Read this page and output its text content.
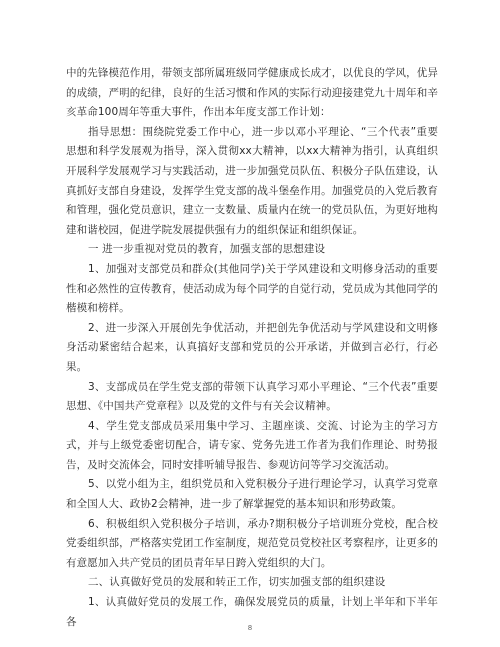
中的先锋模范作用，带领支部所属班级同学健康成长成才，以优良的学风，优异的成绩，严明的纪律，良好的生活习惯和作风的实际行动迎接建党九十周年和辛亥革命100周年等重大事件，作出本年度支部工作计划：

指导思想：围绕院党委工作中心，进一步以邓小平理论、“三个代表”重要思想和科学发展观为指导，深入贯彻xx大精神，以xx大精神为指引，认真组织开展科学发展观学习与实践活动，进一步加强党员队伍、积极分子队伍建设，认真抓好支部自身建设，发挥学生党支部的战斗堡垒作用。加强党员的入党后教育和管理，强化党员意识，建立一支数量、质量内在统一的党员队伍，为更好地构建和谐校园，促进学院发展提供强有力的组织保证和组织保证。

一 进一步重视对党员的教育，加强支部的思想建设

1、加强对支部党员和群众(其他同学)关于学风建设和文明修身活动的重要性和必然性的宣传教育，使活动成为每个同学的自觉行动，党员成为其他同学的楷模和榜样。

2、进一步深入开展创先争优活动，并把创先争优活动与学风建设和文明修身活动紧密结合起来，认真搞好支部和党员的公开承诺，并做到言必行，行必果。

3、支部成员在学生党支部的带领下认真学习邓小平理论、“三个代表”重要思想、《中国共产党章程》以及党的文件与有关会议精神。

4、学生党支部成员采用集中学习、主题座谈、交流、讨论为主的学习方式，并与上级党委密切配合，请专家、党务先进工作者为我们作理论、时势报告，及时交流体会，同时安排听辅导报告、参观访问等学习交流活动。

5、以党小组为主，组织党员和入党积极分子进行理论学习，认真学习党章和全国人大、政协2会精神，进一步了解掌握党的基本知识和形势政策。

6、积极组织入党积极分子培训，承办?期积极分子培训班分党校，配合校党委组织部，严格落实党团工作室制度，规范党员党校社区考察程序，让更多的有意愿加入共产党员的团员青年早日跨入党组织的大门。

二、认真做好党员的发展和转正工作，切实加强支部的组织建设

1、认真做好党员的发展工作，确保发展党员的质量，计划上半年和下半年各

8
